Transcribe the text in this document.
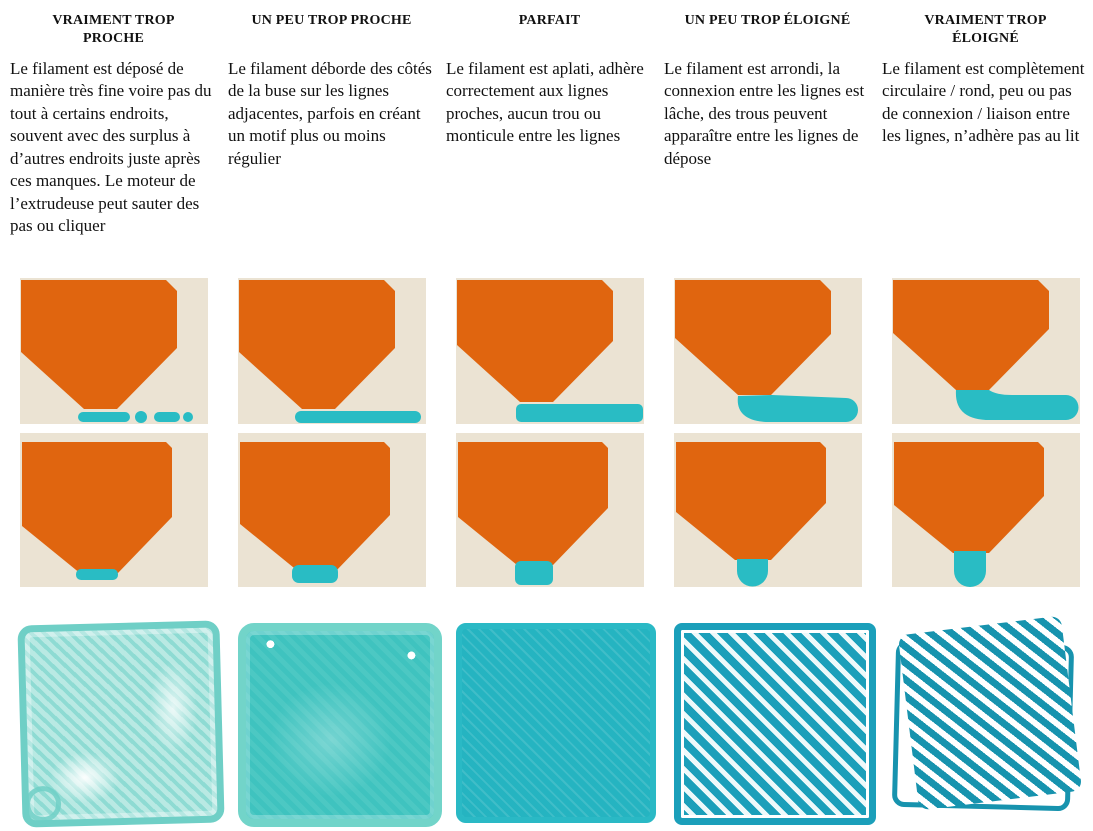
VRAIMENT TROP PROCHE

Le filament est déposé de manière très fine voire pas du tout à certains endroits, souvent avec des surplus à d’autres endroits juste après ces manques. Le moteur de l’extrudeuse peut sauter des pas ou cliquer

UN PEU TROP PROCHE

Le filament déborde des côtés de la buse sur les lignes adjacentes, parfois en créant un motif plus ou moins régulier

PARFAIT

Le filament est aplati, adhère correctement aux lignes proches, aucun trou ou monticule entre les lignes

UN PEU TROP ÉLOIGNÉ

Le filament est arrondi, la connexion entre les lignes est lâche, des trous peuvent apparaître entre les lignes de dépose

VRAIMENT TROP ÉLOIGNÉ

Le filament est complètement circulaire / rond, peu ou pas de connexion / liaison entre les lignes, n’adhère pas au lit
